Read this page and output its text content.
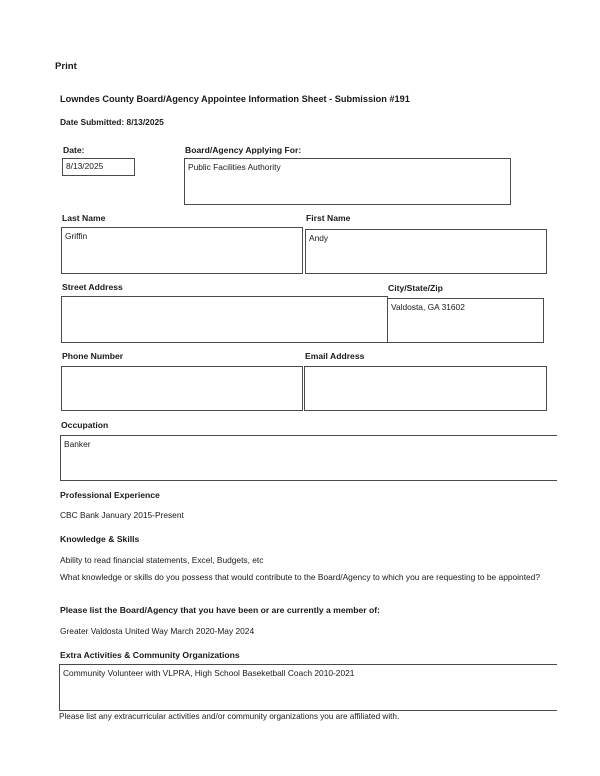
Print
Lowndes County Board/Agency Appointee Information Sheet - Submission #191
Date Submitted: 8/13/2025
Date:
8/13/2025
Board/Agency Applying For:
Public Facilities Authority
Last Name
Griffin
First Name
Andy
Street Address	City/State/Zip
Valdosta, GA 31602
Phone Number	Email Address
Occupation
Banker
Professional Experience
CBC Bank January 2015-Present
Knowledge & Skills
Ability to read financial statements, Excel, Budgets, etc
What knowledge or skills do you possess that would contribute to the Board/Agency to which you are requesting to be appointed?
Please list the Board/Agency that you have been or are currently a member of:
Greater Valdosta United Way March 2020-May 2024
Extra Activities & Community Organizations
Community Volunteer with VLPRA, High School Baseketball Coach 2010-2021
Please list any extracurricular activities and/or community organizations you are affiliated with.
